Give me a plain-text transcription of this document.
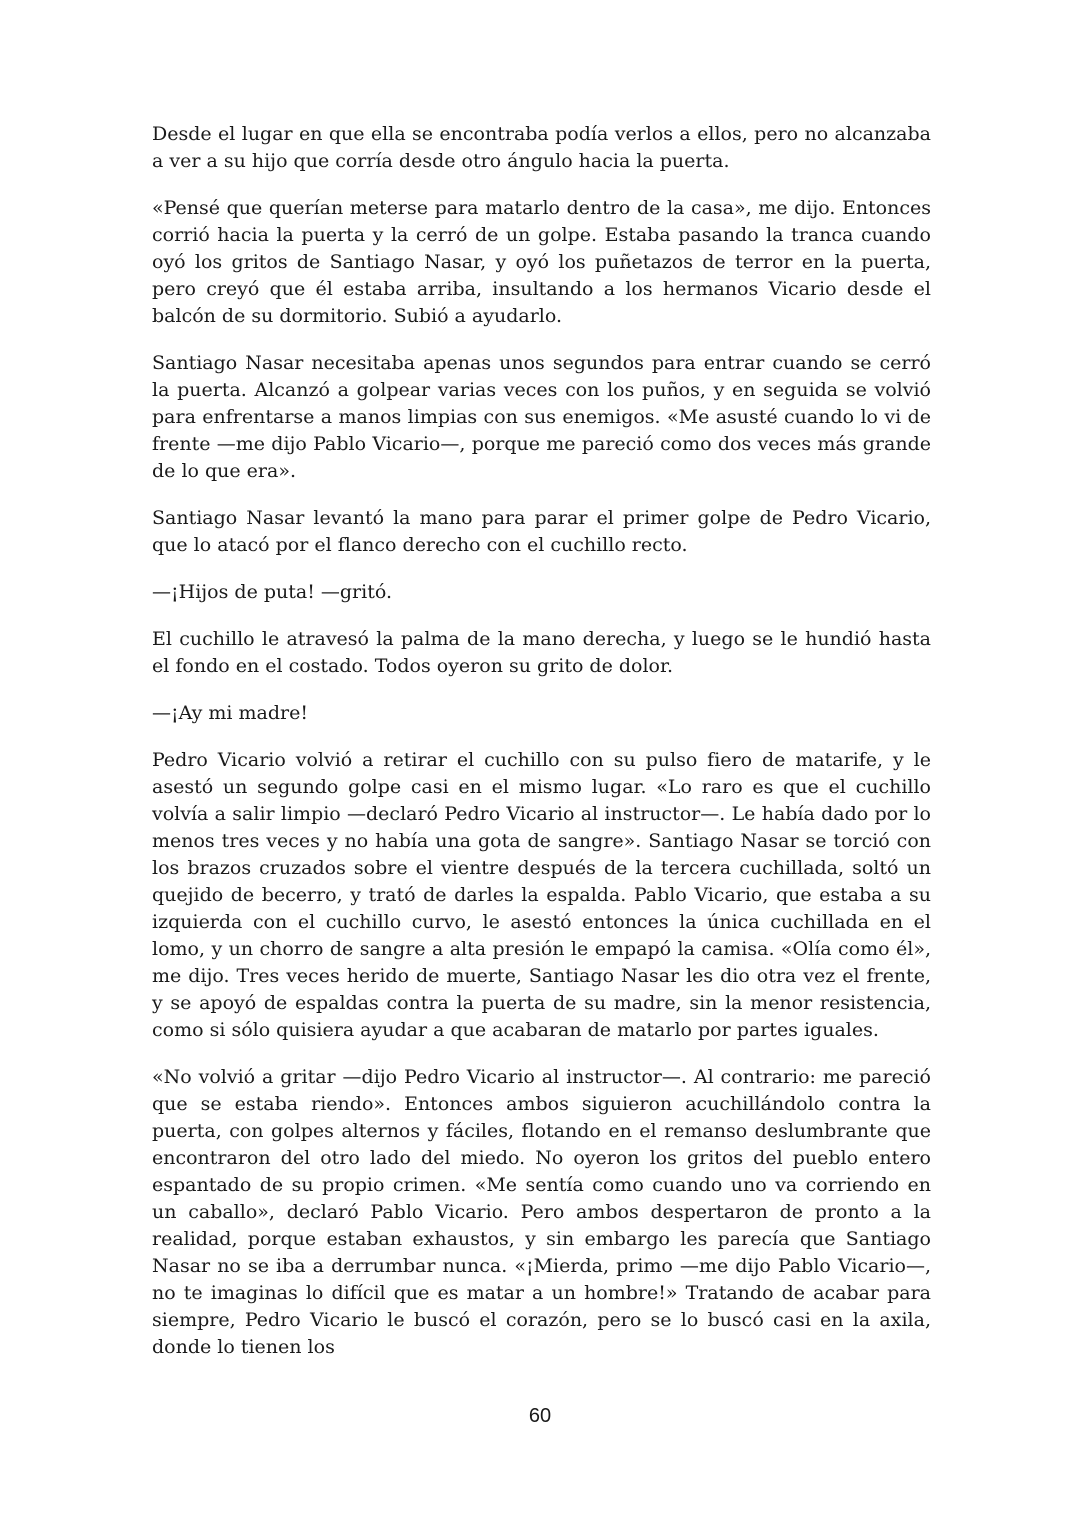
Desde el lugar en que ella se encontraba podía verlos a ellos, pero no alcanzaba a ver a su hijo que corría desde otro ángulo hacia la puerta.

«Pensé que querían meterse para matarlo dentro de la casa», me dijo. Entonces corrió hacia la puerta y la cerró de un golpe. Estaba pasando la tranca cuando oyó los gritos de Santiago Nasar, y oyó los puñetazos de terror en la puerta, pero creyó que él estaba arriba, insultando a los hermanos Vicario desde el balcón de su dormitorio. Subió a ayudarlo.

Santiago Nasar necesitaba apenas unos segundos para entrar cuando se cerró la puerta. Alcanzó a golpear varias veces con los puños, y en seguida se volvió para enfrentarse a manos limpias con sus enemigos. «Me asusté cuando lo vi de frente —me dijo Pablo Vicario—, porque me pareció como dos veces más grande de lo que era».

Santiago Nasar levantó la mano para parar el primer golpe de Pedro Vicario, que lo atacó por el flanco derecho con el cuchillo recto.

—¡Hijos de puta! —gritó.

El cuchillo le atravesó la palma de la mano derecha, y luego se le hundió hasta el fondo en el costado. Todos oyeron su grito de dolor.

—¡Ay mi madre!

Pedro Vicario volvió a retirar el cuchillo con su pulso fiero de matarife, y le asestó un segundo golpe casi en el mismo lugar. «Lo raro es que el cuchillo volvía a salir limpio —declaró Pedro Vicario al instructor—. Le había dado por lo menos tres veces y no había una gota de sangre». Santiago Nasar se torció con los brazos cruzados sobre el vientre después de la tercera cuchillada, soltó un quejido de becerro, y trató de darles la espalda. Pablo Vicario, que estaba a su izquierda con el cuchillo curvo, le asestó entonces la única cuchillada en el lomo, y un chorro de sangre a alta presión le empapó la camisa. «Olía como él», me dijo. Tres veces herido de muerte, Santiago Nasar les dio otra vez el frente, y se apoyó de espaldas contra la puerta de su madre, sin la menor resistencia, como si sólo quisiera ayudar a que acabaran de matarlo por partes iguales.

«No volvió a gritar —dijo Pedro Vicario al instructor—. Al contrario: me pareció que se estaba riendo». Entonces ambos siguieron acuchillándolo contra la puerta, con golpes alternos y fáciles, flotando en el remanso deslumbrante que encontraron del otro lado del miedo. No oyeron los gritos del pueblo entero espantado de su propio crimen. «Me sentía como cuando uno va corriendo en un caballo», declaró Pablo Vicario. Pero ambos despertaron de pronto a la realidad, porque estaban exhaustos, y sin embargo les parecía que Santiago Nasar no se iba a derrumbar nunca. «¡Mierda, primo —me dijo Pablo Vicario—, no te imaginas lo difícil que es matar a un hombre!» Tratando de acabar para siempre, Pedro Vicario le buscó el corazón, pero se lo buscó casi en la axila, donde lo tienen los

60
